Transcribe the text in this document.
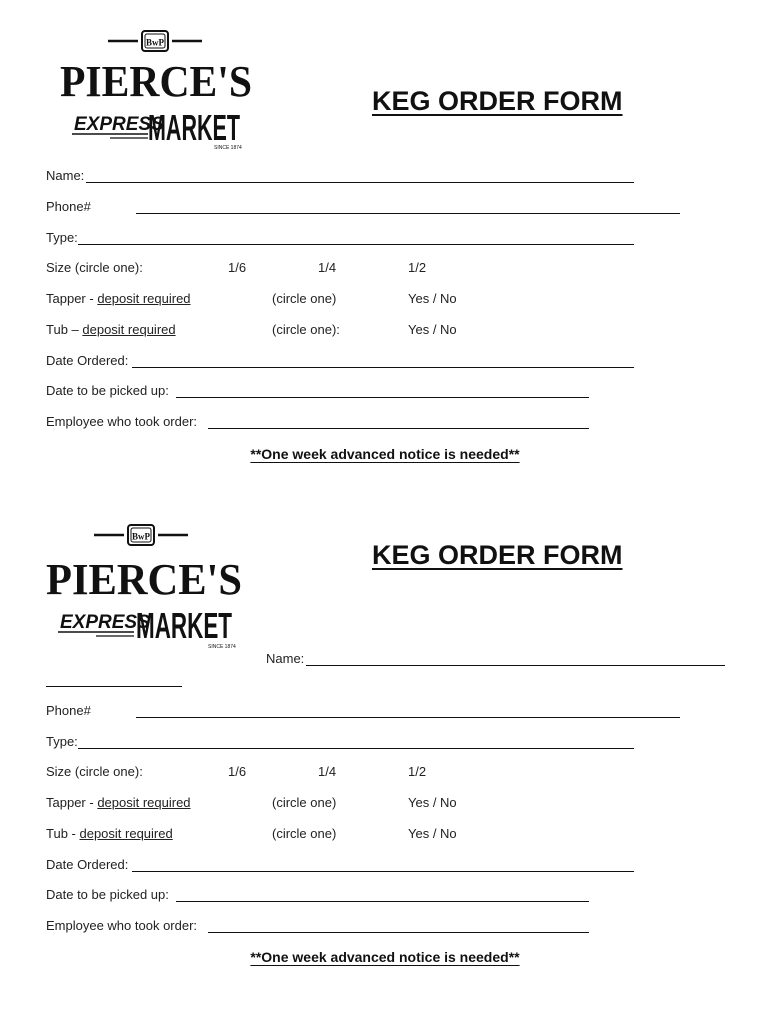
BwP
PIERCE'S
EXPRESS
MARKET
SINCE 1874
KEG ORDER FORM
Name:
Phone#
Type:
Size (circle one):	1/6	1/4	1/2
Tapper - deposit required	(circle one)	Yes / No
Tub – deposit required	(circle one):	Yes / No
Date Ordered:
Date to be picked up:
Employee who took order:
**One week advanced notice is needed**
BwP
PIERCE'S
EXPRESS
MARKET
SINCE 1874
KEG ORDER FORM
Name:
Phone#
Type:
Size (circle one):	1/6	1/4	1/2
Tapper - deposit required	(circle one)	Yes / No
Tub - deposit required	(circle one)	Yes / No
Date Ordered:
Date to be picked up:
Employee who took order:
**One week advanced notice is needed**
